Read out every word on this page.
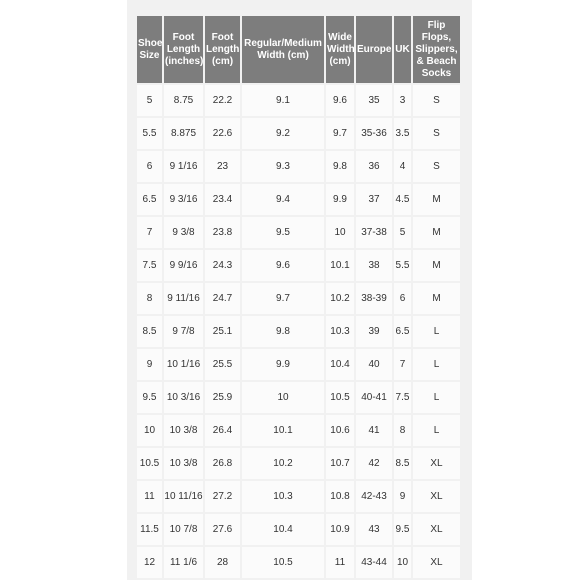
Shoe
Size	Foot
Length
(inches)	Foot
Length
(cm)	Regular/Medium
Width (cm)	Wide
Width
(cm)	Europe	UK	Flip
Flops,
Slippers,
& Beach
Socks
5	8.75	22.2	9.1	9.6	35	3	S
5.5	8.875	22.6	9.2	9.7	35-36	3.5	S
6	9 1/16	23	9.3	9.8	36	4	S
6.5	9 3/16	23.4	9.4	9.9	37	4.5	M
7	9 3/8	23.8	9.5	10	37-38	5	M
7.5	9 9/16	24.3	9.6	10.1	38	5.5	M
8	9 11/16	24.7	9.7	10.2	38-39	6	M
8.5	9 7/8	25.1	9.8	10.3	39	6.5	L
9	10 1/16	25.5	9.9	10.4	40	7	L
9.5	10 3/16	25.9	10	10.5	40-41	7.5	L
10	10 3/8	26.4	10.1	10.6	41	8	L
10.5	10 3/8	26.8	10.2	10.7	42	8.5	XL
11	10 11/16	27.2	10.3	10.8	42-43	9	XL
11.5	10 7/8	27.6	10.4	10.9	43	9.5	XL
12	11 1/6	28	10.5	11	43-44	10	XL
